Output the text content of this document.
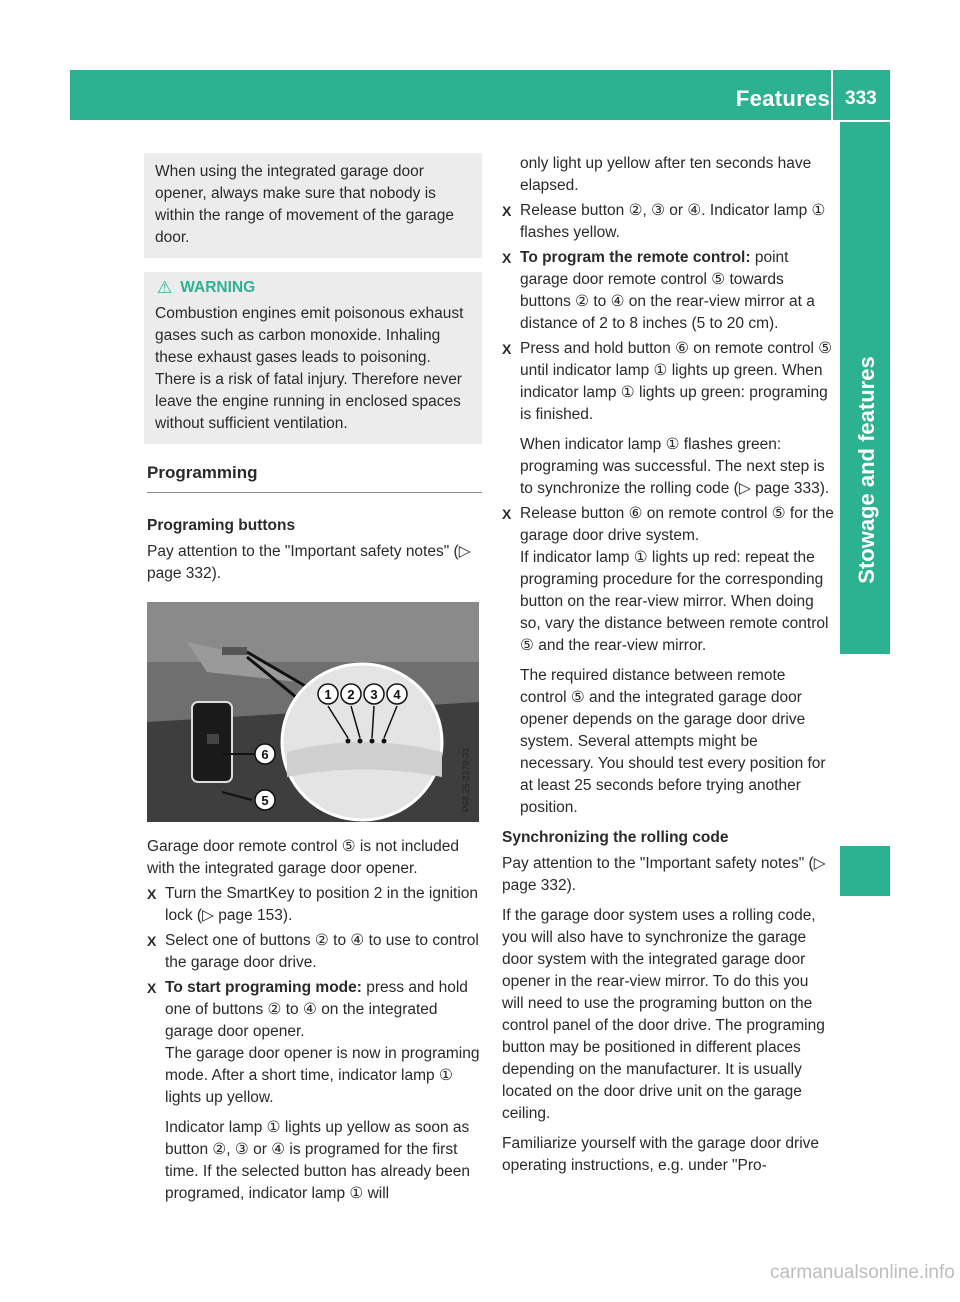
Features 333
Stowage and features

When using the integrated garage door opener, always make sure that nobody is within the range of movement of the garage door.

⚠ WARNING

Combustion engines emit poisonous exhaust gases such as carbon monoxide. Inhaling these exhaust gases leads to poisoning. There is a risk of fatal injury. Therefore never leave the engine running in enclosed spaces without sufficient ventilation.

Programming
Programing buttons

Pay attention to the "Important safety notes" (▷ page 332).

1 2 3 4
6
5	P68.25-2279-31

Garage door remote control ⑤ is not included with the integrated garage door opener.

X Turn the SmartKey to position 2 in the ignition lock (▷ page 153).
X Select one of buttons ② to ④ to use to control the garage door drive.
X To start programing mode: press and hold one of buttons ② to ④ on the integrated garage door opener.

The garage door opener is now in programing mode. After a short time, indicator lamp ① lights up yellow.

Indicator lamp ① lights up yellow as soon as button ②, ③ or ④ is programed for the first time. If the selected button has already been programed, indicator lamp ① will

only light up yellow after ten seconds have elapsed.

X Release button ②, ③ or ④. Indicator lamp ① flashes yellow.
X To program the remote control: point garage door remote control ⑤ towards buttons ② to ④ on the rear-view mirror at a distance of 2 to 8 inches (5 to 20 cm).
X Press and hold button ⑥ on remote control ⑤ until indicator lamp ① lights up green. When indicator lamp ① lights up green: programing is finished.

When indicator lamp ① flashes green: programing was successful. The next step is to synchronize the rolling code (▷ page 333).

X Release button ⑥ on remote control ⑤ for the garage door drive system.

If indicator lamp ① lights up red: repeat the programing procedure for the corresponding button on the rear-view mirror. When doing so, vary the distance between remote control ⑤ and the rear-view mirror.

The required distance between remote control ⑤ and the integrated garage door opener depends on the garage door drive system. Several attempts might be necessary. You should test every position for at least 25 seconds before trying another position.

Synchronizing the rolling code

Pay attention to the "Important safety notes" (▷ page 332).

If the garage door system uses a rolling code, you will also have to synchronize the garage door system with the integrated garage door opener in the rear-view mirror. To do this you will need to use the programing button on the control panel of the door drive. The programing button may be positioned in different places depending on the manufacturer. It is usually located on the door drive unit on the garage ceiling.

Familiarize yourself with the garage door drive operating instructions, e.g. under "Pro-

carmanualsonline.info
